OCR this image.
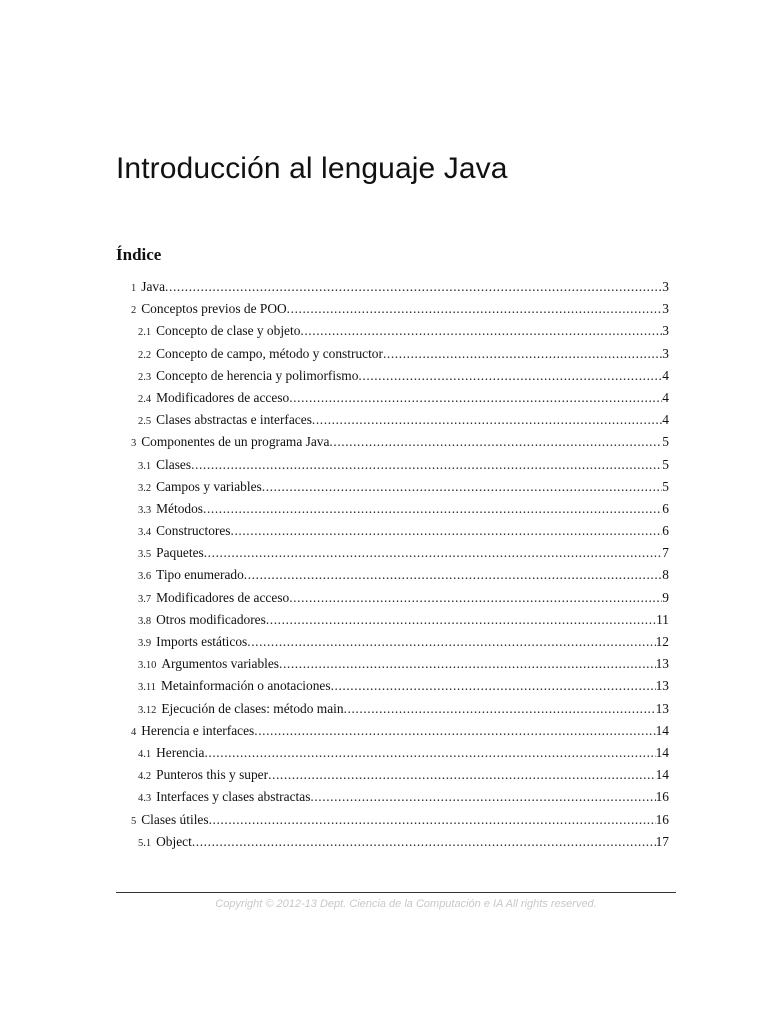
Introducción al lenguaje Java
Índice
1 Java .....	3
2 Conceptos previos de POO .....	3
2.1 Concepto de clase y objeto .....	3
2.2 Concepto de campo, método y constructor .....	3
2.3 Concepto de herencia y polimorfismo .....	4
2.4 Modificadores de acceso .....	4
2.5 Clases abstractas e interfaces .....	4
3 Componentes de un programa Java .....	5
3.1 Clases .....	5
3.2 Campos y variables .....	5
3.3 Métodos .....	6
3.4 Constructores .....	6
3.5 Paquetes .....	7
3.6 Tipo enumerado .....	8
3.7 Modificadores de acceso .....	9
3.8 Otros modificadores .....	11
3.9 Imports estáticos .....	12
3.10 Argumentos variables .....	13
3.11 Metainformación o anotaciones .....	13
3.12 Ejecución de clases: método main .....	13
4 Herencia e interfaces .....	14
4.1 Herencia .....	14
4.2 Punteros this y super .....	14
4.3 Interfaces y clases abstractas .....	16
5 Clases útiles .....	16
5.1 Object .....	17
Copyright © 2012-13 Dept. Ciencia de la Computación e IA All rights reserved.
